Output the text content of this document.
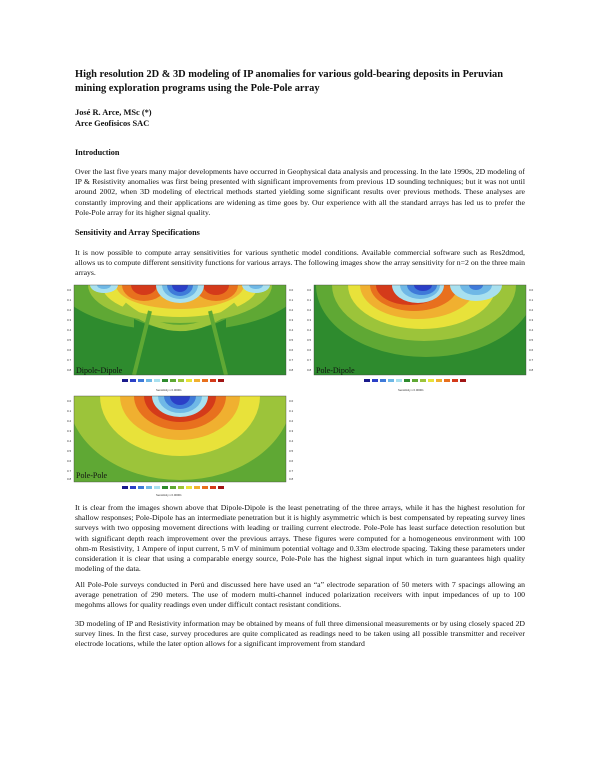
High resolution 2D & 3D modeling of IP anomalies for various gold-bearing deposits in Peruvian mining exploration programs using the Pole-Pole array
José R. Arce, MSc (*)
Arce Geofísicos SAC
Introduction

Over the last five years many major developments have occurred in Geophysical data analysis and processing. In the late 1990s, 2D modeling of IP & Resistivity anomalies was first being presented with significant improvements from previous 1D sounding techniques; but it was not until around 2002, when 3D modeling of electrical methods started yielding some significant results over previous methods. These analyses are constantly improving and their applications are widening as time goes by. Our experience with all the standard arrays has led us to prefer the Pole-Pole array for its higher signal quality.

Sensitivity and Array Specifications

It is now possible to compute array sensitivities for various synthetic model conditions. Available commercial software such as Res2dmod, allows us to compute different sensitivity functions for various arrays. The following images show the array sensitivity for n=2 on the three main arrays.

0.0
0.1
0.2
0.3
0.4
0.5
0.6
0.7
0.8
0.0
0.1
0.2
0.3
0.4
0.5
0.6
0.7
0.8
Dipole-Dipole
Sensitivity x 0.00001
0.0
0.1
0.2
0.3
0.4
0.5
0.6
0.7
0.8
0.0
0.1
0.2
0.3
0.4
0.5
0.6
0.7
0.8
Pole-Dipole
Sensitivity x 0.00001
0.0
0.1
0.2
0.3
0.4
0.5
0.6
0.7
0.8
0.0
0.1
0.2
0.3
0.4
0.5
0.6
0.7
0.8
Pole-Pole
Sensitivity x 0.00001

It is clear from the images shown above that Dipole-Dipole is the least penetrating of the three arrays, while it has the highest resolution for shallow responses; Pole-Dipole has an intermediate penetration but it is highly asymmetric which is best compensated by repeating survey lines surveys with two opposing movement directions with leading or trailing current electrode. Pole-Pole has least surface detection resolution but with significant depth reach improvement over the previous arrays. These figures were computed for a homogeneous environment with 100 ohm-m Resistivity, 1 Ampere of input current, 5 mV of minimum potential voltage and 0.33m electrode spacing. Taking these parameters under consideration it is clear that using a comparable energy source, Pole-Pole has the highest signal input which in turn guarantees high quality modeling of the data.

All Pole-Pole surveys conducted in Perú and discussed here have used an “a” electrode separation of 50 meters with 7 spacings allowing an average penetration of 290 meters. The use of modern multi-channel induced polarization receivers with input impedances of up to 100 megohms allows for quality readings even under difficult contact resistant conditions.

3D modeling of IP and Resistivity information may be obtained by means of full three dimensional measurements or by using closely spaced 2D survey lines. In the first case, survey procedures are quite complicated as readings need to be taken using all possible transmitter and receiver electrode locations, while the later option allows for a significant improvement from standard
